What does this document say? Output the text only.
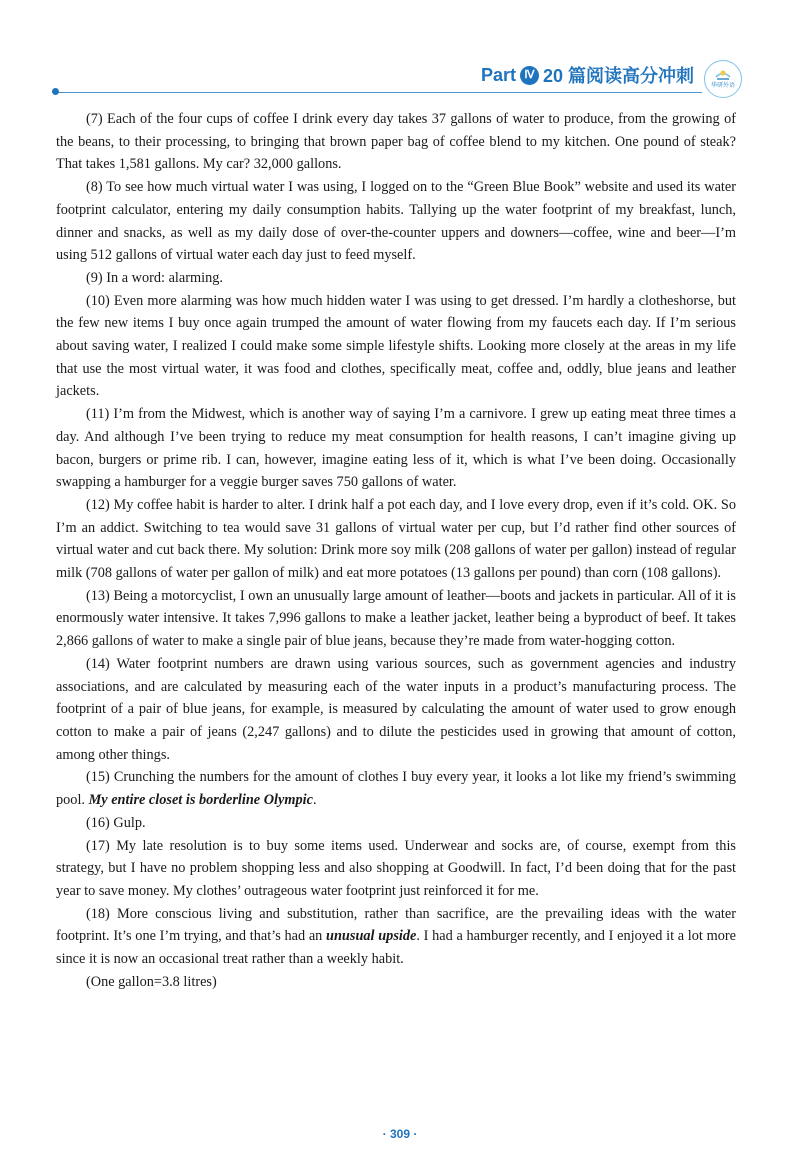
Part Ⅳ 20 篇阅读高分冲刺	华研外语

(7) Each of the four cups of coffee I drink every day takes 37 gallons of water to produce, from the growing of the beans, to their processing, to bringing that brown paper bag of coffee blend to my kitchen. One pound of steak? That takes 1,581 gallons. My car? 32,000 gallons.

(8) To see how much virtual water I was using, I logged on to the “Green Blue Book” website and used its water footprint calculator, entering my daily consumption habits. Tallying up the water footprint of my breakfast, lunch, dinner and snacks, as well as my daily dose of over-the-counter uppers and downers—coffee, wine and beer—I’m using 512 gallons of virtual water each day just to feed myself.

(9) In a word: alarming.

(10) Even more alarming was how much hidden water I was using to get dressed. I’m hardly a clotheshorse, but the few new items I buy once again trumped the amount of water flowing from my faucets each day. If I’m serious about saving water, I realized I could make some simple lifestyle shifts. Looking more closely at the areas in my life that use the most virtual water, it was food and clothes, specifically meat, coffee and, oddly, blue jeans and leather jackets.

(11) I’m from the Midwest, which is another way of saying I’m a carnivore. I grew up eating meat three times a day. And although I’ve been trying to reduce my meat consumption for health reasons, I can’t imagine giving up bacon, burgers or prime rib. I can, however, imagine eating less of it, which is what I’ve been doing. Occasionally swapping a hamburger for a veggie burger saves 750 gallons of water.

(12) My coffee habit is harder to alter. I drink half a pot each day, and I love every drop, even if it’s cold. OK. So I’m an addict. Switching to tea would save 31 gallons of virtual water per cup, but I’d rather find other sources of virtual water and cut back there. My solution: Drink more soy milk (208 gallons of water per gallon) instead of regular milk (708 gallons of water per gallon of milk) and eat more potatoes (13 gallons per pound) than corn (108 gallons).

(13) Being a motorcyclist, I own an unusually large amount of leather—boots and jackets in particular. All of it is enormously water intensive. It takes 7,996 gallons to make a leather jacket, leather being a byproduct of beef. It takes 2,866 gallons of water to make a single pair of blue jeans, because they’re made from water-hogging cotton.

(14) Water footprint numbers are drawn using various sources, such as government agencies and industry associations, and are calculated by measuring each of the water inputs in a product’s manufacturing process. The footprint of a pair of blue jeans, for example, is measured by calculating the amount of water used to grow enough cotton to make a pair of jeans (2,247 gallons) and to dilute the pesticides used in growing that amount of cotton, among other things.

(15) Crunching the numbers for the amount of clothes I buy every year, it looks a lot like my friend’s swimming pool. My entire closet is borderline Olympic.

(16) Gulp.

(17) My late resolution is to buy some items used. Underwear and socks are, of course, exempt from this strategy, but I have no problem shopping less and also shopping at Goodwill. In fact, I’d been doing that for the past year to save money. My clothes’ outrageous water footprint just reinforced it for me.

(18) More conscious living and substitution, rather than sacrifice, are the prevailing ideas with the water footprint. It’s one I’m trying, and that’s had an unusual upside. I had a hamburger recently, and I enjoyed it a lot more since it is now an occasional treat rather than a weekly habit.

(One gallon=3.8 litres)

· 309 ·
